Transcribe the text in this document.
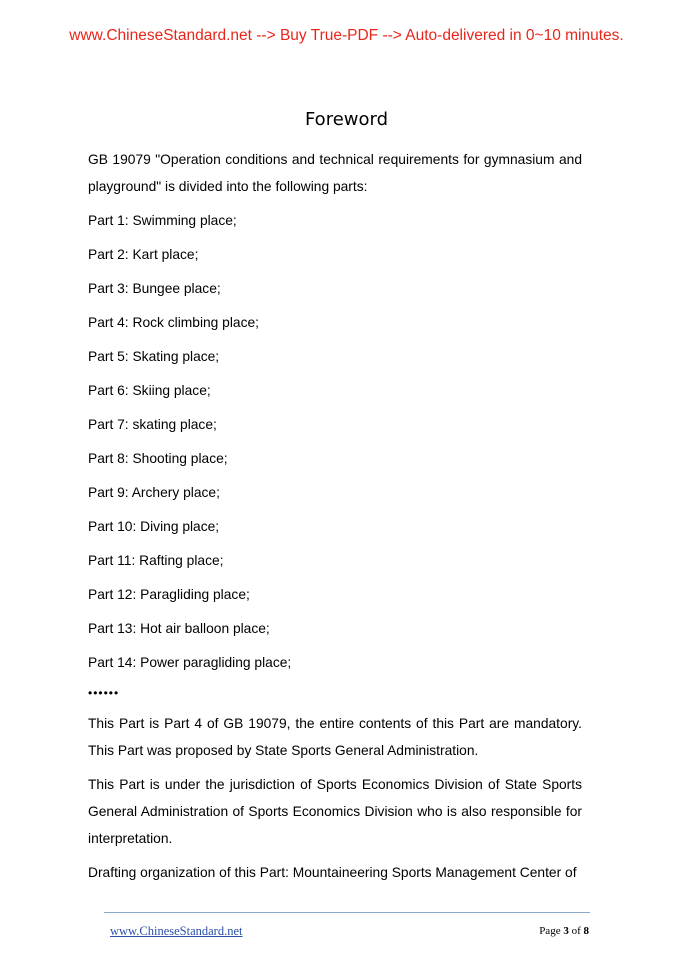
www.ChineseStandard.net --> Buy True-PDF --> Auto-delivered in 0~10 minutes.
Foreword

GB 19079 "Operation conditions and technical requirements for gymnasium and playground" is divided into the following parts:

Part 1: Swimming place;

Part 2: Kart place;

Part 3: Bungee place;

Part 4: Rock climbing place;

Part 5: Skating place;

Part 6: Skiing place;

Part 7: skating place;

Part 8: Shooting place;

Part 9: Archery place;

Part 10: Diving place;

Part 11: Rafting place;

Part 12: Paragliding place;

Part 13: Hot air balloon place;

Part 14: Power paragliding place;

••••••

This Part is Part 4 of GB 19079, the entire contents of this Part are mandatory. This Part was proposed by State Sports General Administration.

This Part is under the jurisdiction of Sports Economics Division of State Sports General Administration of Sports Economics Division who is also responsible for interpretation.

Drafting organization of this Part: Mountaineering Sports Management Center of

www.ChineseStandard.net	Page 3 of 8
